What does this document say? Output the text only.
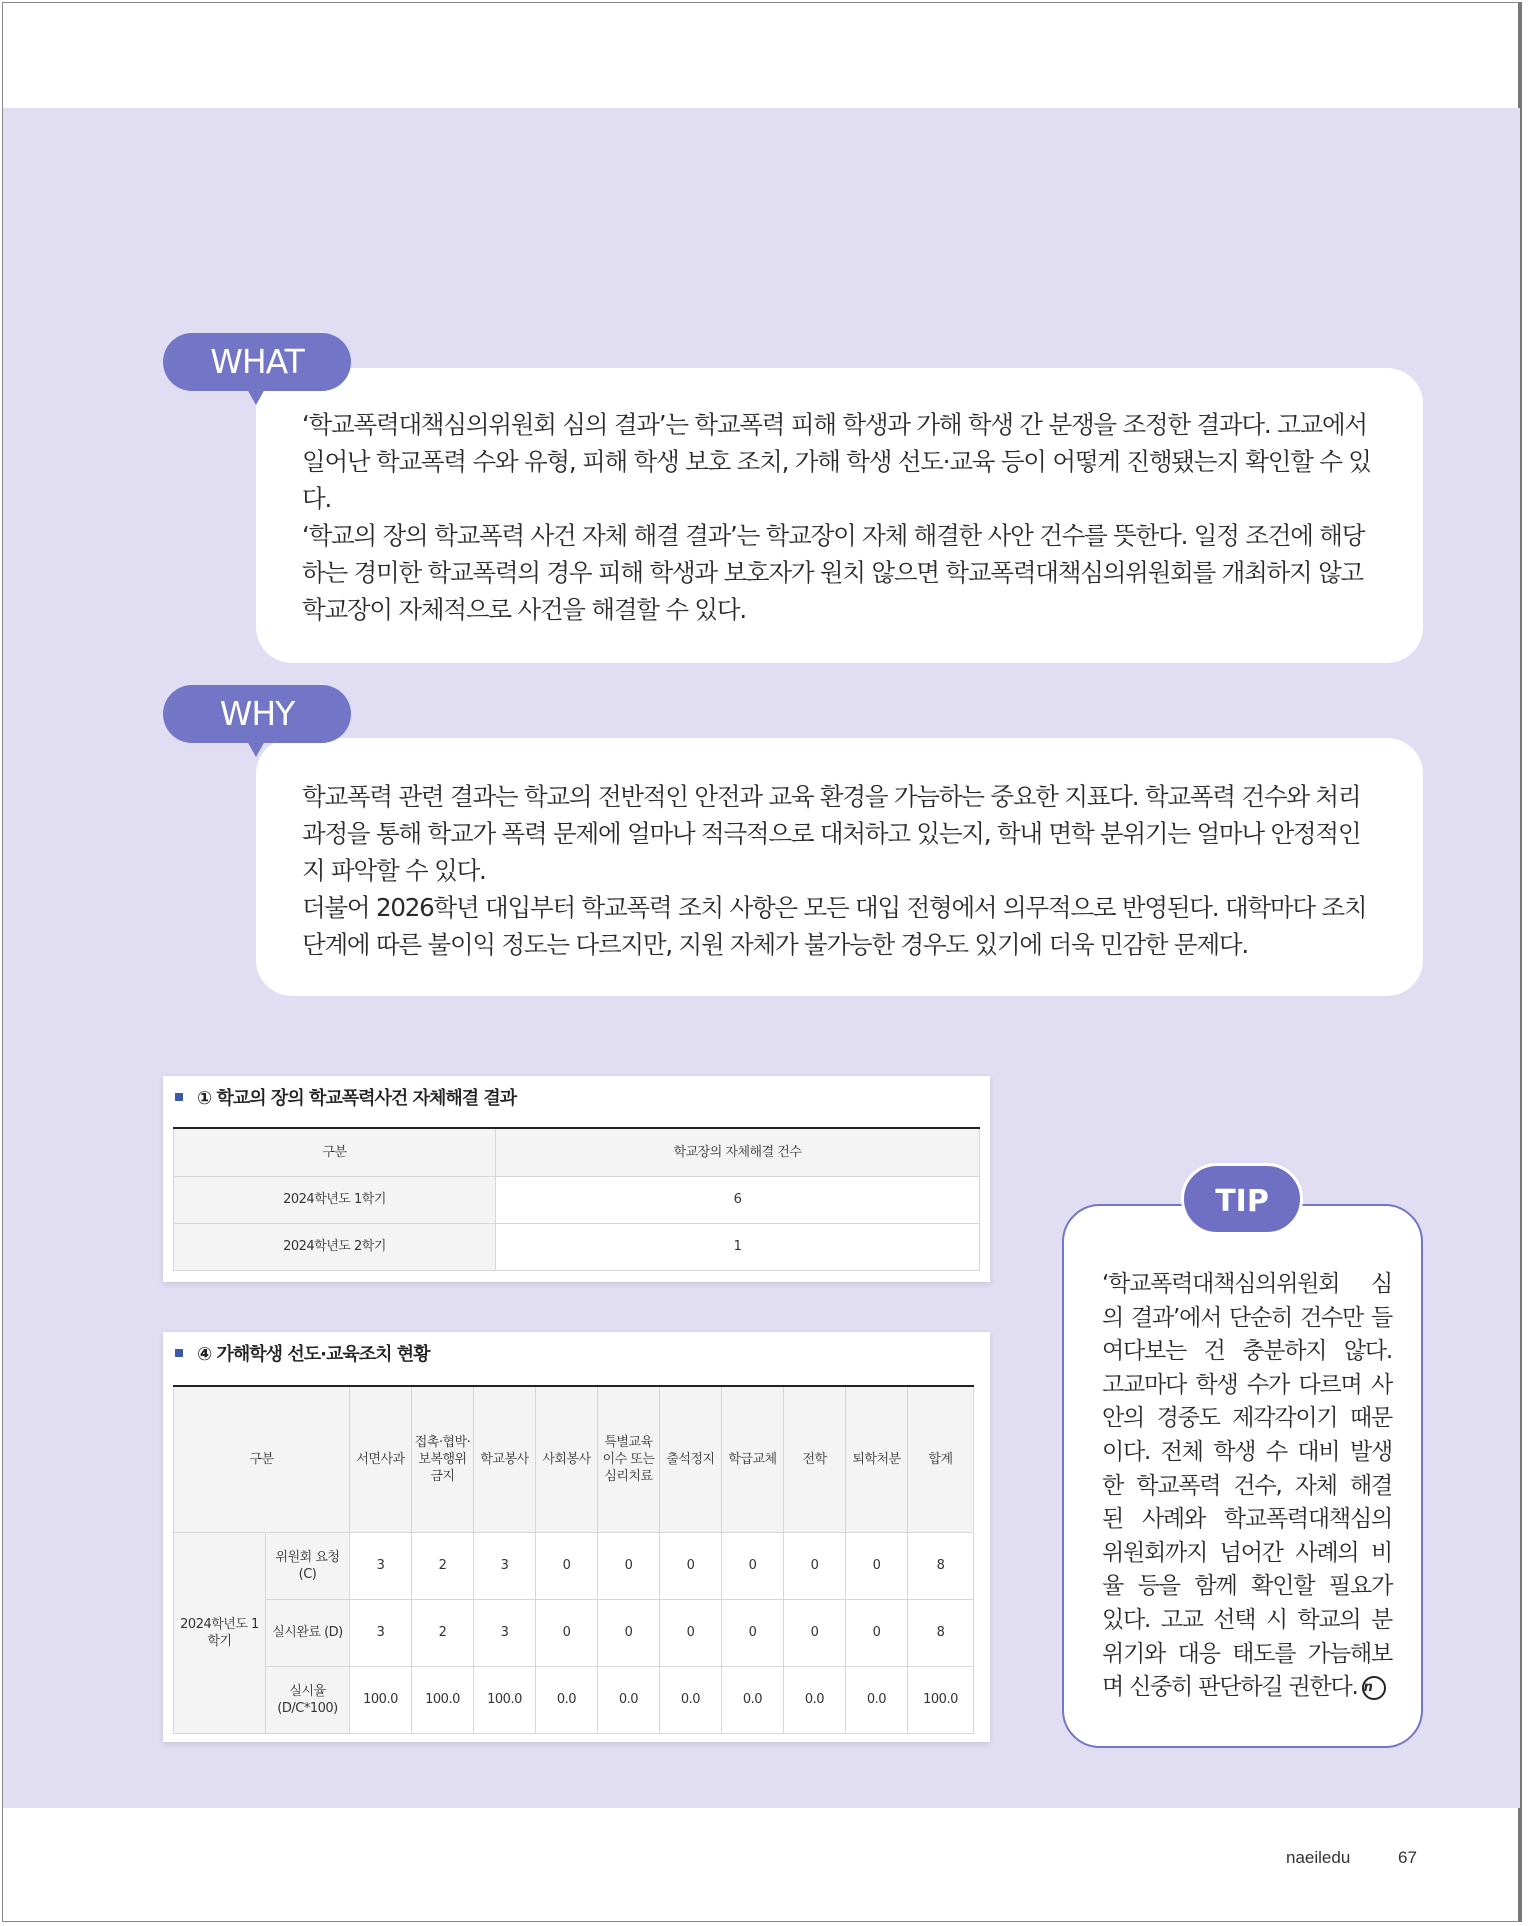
WHAT

‘학교폭력대책심의위원회 심의 결과’는 학교폭력 피해 학생과 가해 학생 간 분쟁을 조정한 결과다. 고교에서 일어난 학교폭력 수와 유형, 피해 학생 보호 조치, 가해 학생 선도·교육 등이 어떻게 진행됐는지 확인할 수 있다.

‘학교의 장의 학교폭력 사건 자체 해결 결과’는 학교장이 자체 해결한 사안 건수를 뜻한다. 일정 조건에 해당하는 경미한 학교폭력의 경우 피해 학생과 보호자가 원치 않으면 학교폭력대책심의위원회를 개최하지 않고 학교장이 자체적으로 사건을 해결할 수 있다.

WHY

학교폭력 관련 결과는 학교의 전반적인 안전과 교육 환경을 가늠하는 중요한 지표다. 학교폭력 건수와 처리 과정을 통해 학교가 폭력 문제에 얼마나 적극적으로 대처하고 있는지, 학내 면학 분위기는 얼마나 안정적인지 파악할 수 있다.

더불어 2026학년 대입부터 학교폭력 조치 사항은 모든 대입 전형에서 의무적으로 반영된다. 대학마다 조치 단계에 따른 불이익 정도는 다르지만, 지원 자체가 불가능한 경우도 있기에 더욱 민감한 문제다.

① 학교의 장의 학교폭력사건 자체해결 결과
구분	학교장의 자체해결 건수
2024학년도 1학기	6
2024학년도 2학기	1
④ 가해학생 선도·교육조치 현황
구분		서면사과	접촉·협박·보복행위 금지	학교봉사	사회봉사	특별교육 이수 또는 심리치료	출석정지	학급교체	전학	퇴학처분	합계
2024학년도 1학기	위원회 요청(C)	3	2	3	0	0	0	0	0	0	8
	실시완료 (D)	3	2	3	0	0	0	0	0	0	8
	실시율 (D/C*100)	100.0	100.0	100.0	0.0	0.0	0.0	0.0	0.0	0.0	100.0
TIP
‘학교폭력대책심의위원회 심
의 결과’에서 단순히 건수만 들
여다보는 건 충분하지 않다.
고교마다 학생 수가 다르며 사
안의 경중도 제각각이기 때문
이다. 전체 학생 수 대비 발생
한 학교폭력 건수, 자체 해결
된 사례와 학교폭력대책심의
위원회까지 넘어간 사례의 비
율 등을 함께 확인할 필요가
있다. 고교 선택 시 학교의 분
위기와 대응 태도를 가늠해보
며 신중히 판단하길 권한다. n
naeiledu	67
